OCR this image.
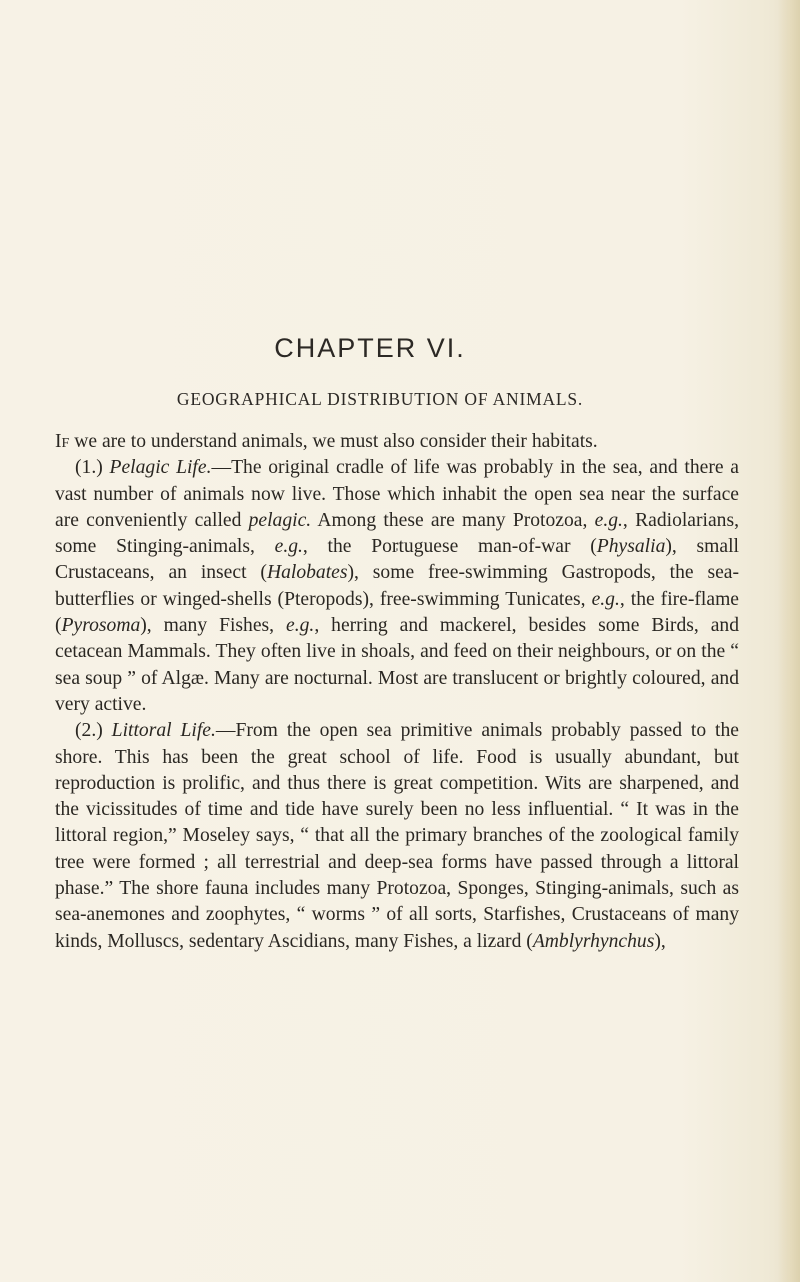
CHAPTER VI.
GEOGRAPHICAL DISTRIBUTION OF ANIMALS.

If we are to understand animals, we must also consider their habitats.

(1.) Pelagic Life.—The original cradle of life was probably in the sea, and there a vast number of animals now live. Those which inhabit the open sea near the surface are conveniently called pelagic. Among these are many Protozoa, e.g., Radiolarians, some Stinging-animals, e.g., the Portuguese man-of-war (Physalia), small Crustaceans, an insect (Halobates), some free-swimming Gastropods, the sea-butterflies or winged-shells (Pteropods), free-swimming Tunicates, e.g., the fire-flame (Pyrosoma), many Fishes, e.g., herring and mackerel, besides some Birds, and cetacean Mammals. They often live in shoals, and feed on their neighbours, or on the “ sea soup ” of Algæ. Many are nocturnal. Most are translucent or brightly coloured, and very active.

(2.) Littoral Life.—From the open sea primitive animals probably passed to the shore. This has been the great school of life. Food is usually abundant, but reproduction is prolific, and thus there is great competition. Wits are sharpened, and the vicissitudes of time and tide have surely been no less influential. “ It was in the littoral region,” Moseley says, “ that all the primary branches of the zoological family tree were formed ; all terrestrial and deep-sea forms have passed through a littoral phase.” The shore fauna includes many Protozoa, Sponges, Stinging-animals, such as sea-anemones and zoophytes, “ worms ” of all sorts, Starfishes, Crustaceans of many kinds, Molluscs, sedentary Ascidians, many Fishes, a lizard (Amblyrhynchus),
